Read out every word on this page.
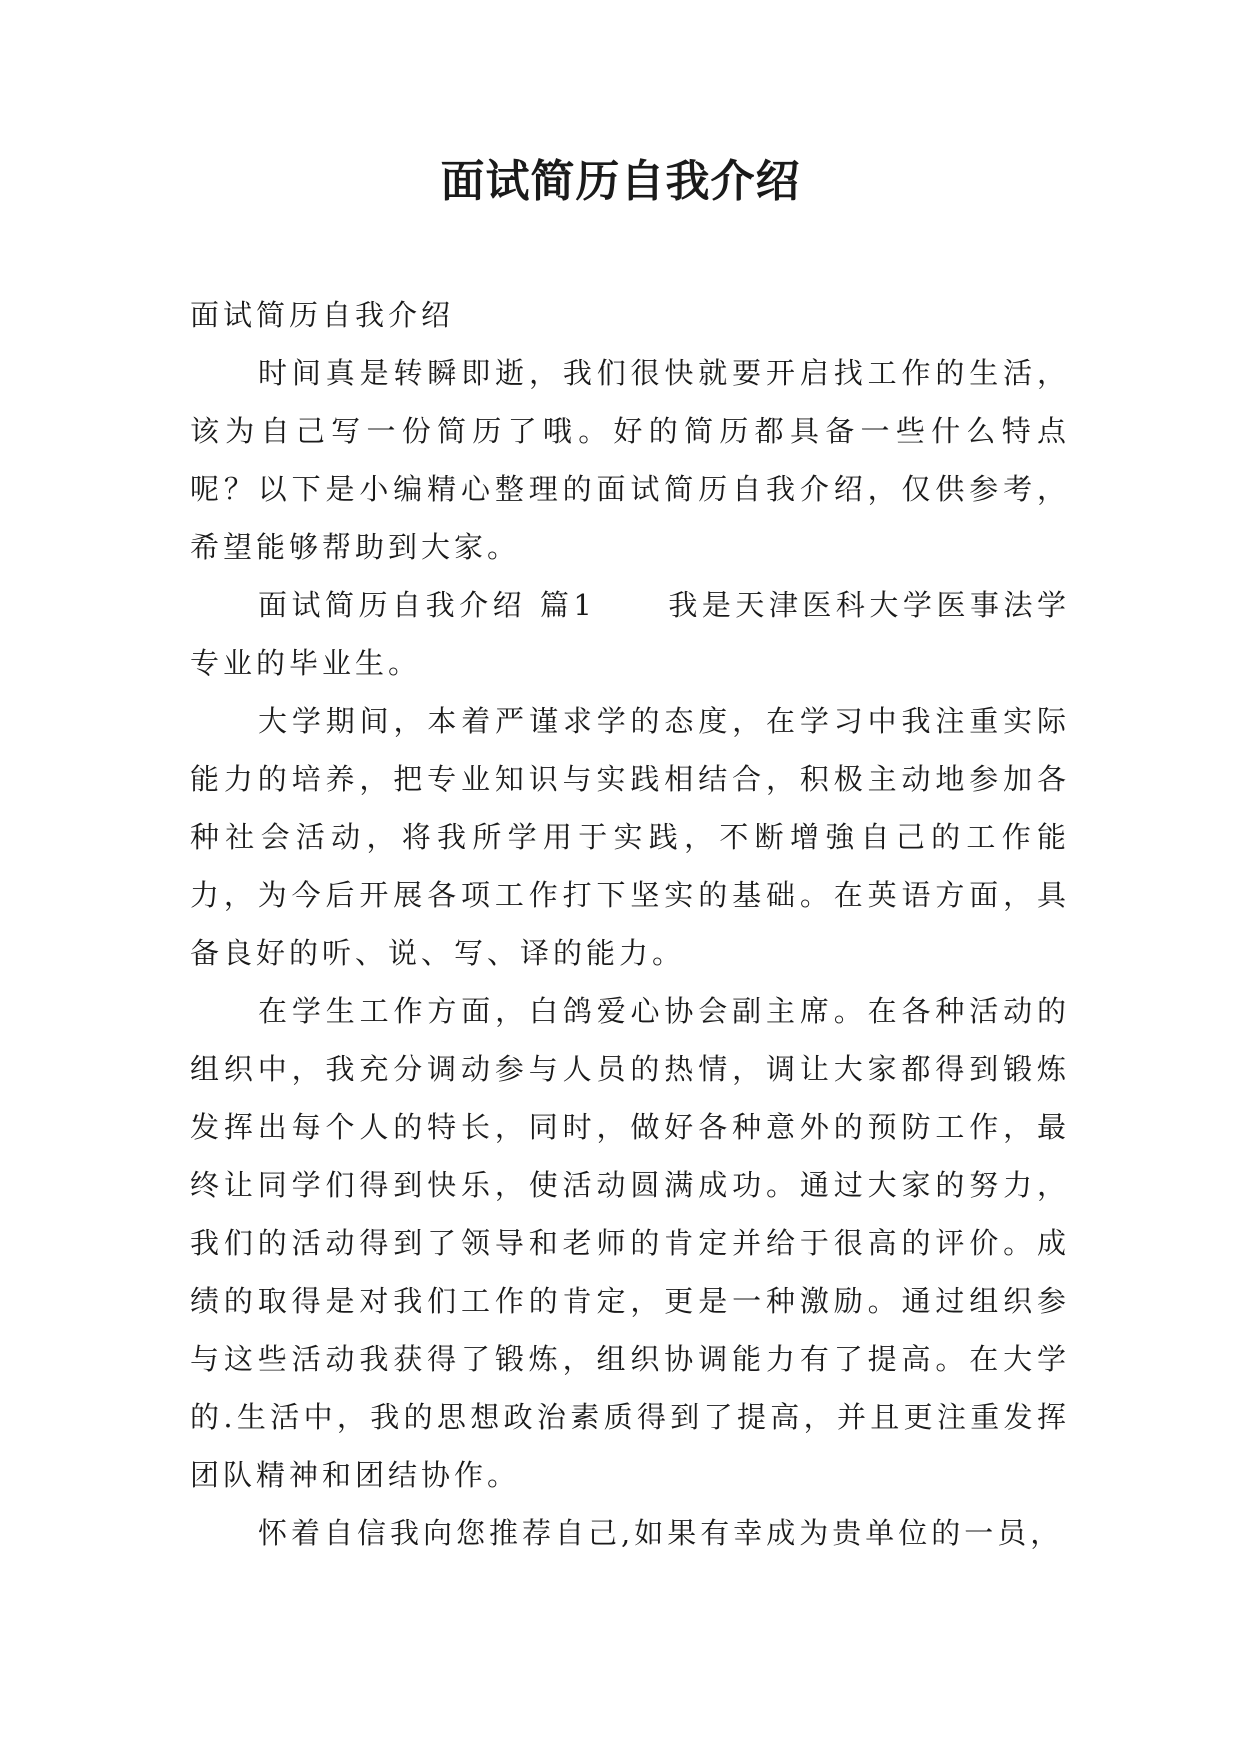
面试简历自我介绍

面试简历自我介绍

时间真是转瞬即逝，我们很快就要开启找工作的生活，该为自己写一份简历了哦。好的简历都具备一些什么特点呢？以下是小编精心整理的面试简历自我介绍，仅供参考，希望能够帮助到大家。

面试简历自我介绍 篇1 我是天津医科大学医事法学专业的毕业生。

大学期间，本着严谨求学的态度，在学习中我注重实际能力的培养，把专业知识与实践相结合，积极主动地参加各种社会活动，将我所学用于实践，不断增強自己的工作能力，为今后开展各项工作打下坚实的基础。在英语方面，具备良好的听、说、写、译的能力。

在学生工作方面，白鸽爱心协会副主席。在各种活动的组织中，我充分调动参与人员的热情，调让大家都得到锻炼发挥出每个人的特长，同时，做好各种意外的预防工作，最终让同学们得到快乐，使活动圆满成功。通过大家的努力，我们的活动得到了领导和老师的肯定并给于很高的评价。成绩的取得是对我们工作的肯定，更是一种激励。通过组织参与这些活动我获得了锻炼，组织协调能力有了提高。在大学的.生活中，我的思想政治素质得到了提高，并且更注重发挥团队精神和团结协作。

怀着自信我向您推荐自己,如果有幸成为贵单位的一员，
